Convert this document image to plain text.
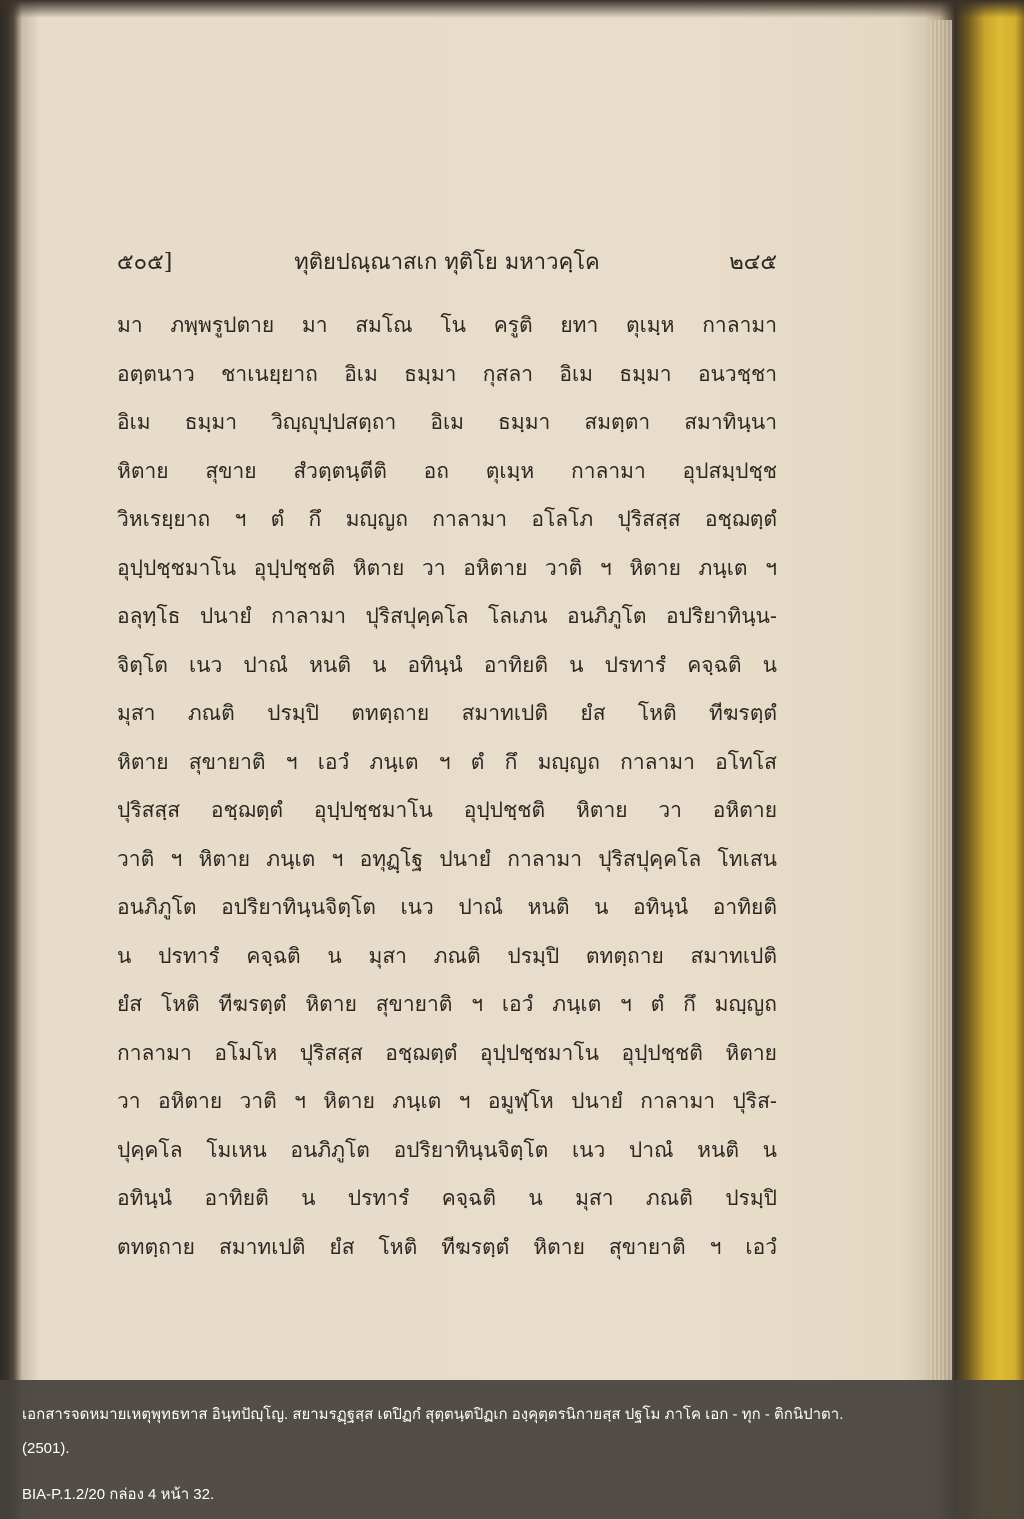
๕๐๕]	ทุติยปณฺณาสเก ทุติโย มหาวคฺโค	๒๔๕
มา ภพฺพรูปตาย มา สมโณ โน ครูติ ยทา ตุเมฺห กาลามา
อตฺตนาว ชาเนยฺยาถ อิเม ธมฺมา กุสลา อิเม ธมฺมา อนวชฺชา
อิเม ธมฺมา วิญฺญุปฺปสตฺถา อิเม ธมฺมา สมตฺตา สมาทินฺนา
หิตาย สุขาย สํวตฺตนฺตีติ อถ ตุเมฺห กาลามา อุปสมฺปชฺช
วิหเรยฺยาถ ฯ ตํ กึ มญฺญถ กาลามา อโลโภ ปุริสสฺส อชฺฌตฺตํ
อุปฺปชฺชมาโน อุปฺปชฺชติ หิตาย วา อหิตาย วาติ ฯ หิตาย ภนฺเต ฯ
อลุทฺโธ ปนายํ กาลามา ปุริสปุคฺคโล โลเภน อนภิภูโต อปริยาทินฺน-
จิตฺโต เนว ปาณํ หนติ น อทินฺนํ อาทิยติ น ปรทารํ คจฺฉติ น
มุสา ภณติ ปรมฺปิ ตทตฺถาย สมาทเปติ ยํส โหติ ทีฆรตฺตํ
หิตาย สุขายาติ ฯ เอวํ ภนฺเต ฯ ตํ กึ มญฺญถ กาลามา อโทโส
ปุริสสฺส อชฺฌตฺตํ อุปฺปชฺชมาโน อุปฺปชฺชติ หิตาย วา อหิตาย
วาติ ฯ หิตาย ภนฺเต ฯ อทุฏฺโฐ ปนายํ กาลามา ปุริสปุคฺคโล โทเสน
อนภิภูโต อปริยาทินฺนจิตฺโต เนว ปาณํ หนติ น อทินฺนํ อาทิยติ
น ปรทารํ คจฺฉติ น มุสา ภณติ ปรมฺปิ ตทตฺถาย สมาทเปติ
ยํส โหติ ทีฆรตฺตํ หิตาย สุขายาติ ฯ เอวํ ภนฺเต ฯ ตํ กึ มญฺญถ
กาลามา อโมโห ปุริสสฺส อชฺฌตฺตํ อุปฺปชฺชมาโน อุปฺปชฺชติ หิตาย
วา อหิตาย วาติ ฯ หิตาย ภนฺเต ฯ อมูฬฺโห ปนายํ กาลามา ปุริส-
ปุคฺคโล โมเหน อนภิภูโต อปริยาทินฺนจิตฺโต เนว ปาณํ หนติ น
อทินฺนํ อาทิยติ น ปรทารํ คจฺฉติ น มุสา ภณติ ปรมฺปิ
ตทตฺถาย สมาทเปติ ยํส โหติ ทีฆรตฺตํ หิตาย สุขายาติ ฯ เอวํ
เอกสารจดหมายเหตุพุทธทาส อินฺทปัญฺโญ. สยามรฏฺฐสฺส เตปิฏกํ สุตฺตนฺตปิฏเก องฺคุตฺตรนิกายสฺส ปฐโม ภาโค เอก - ทุก - ติกนิปาตา.
(2501).
BIA-P.1.2/20 กล่อง 4 หน้า 32.
